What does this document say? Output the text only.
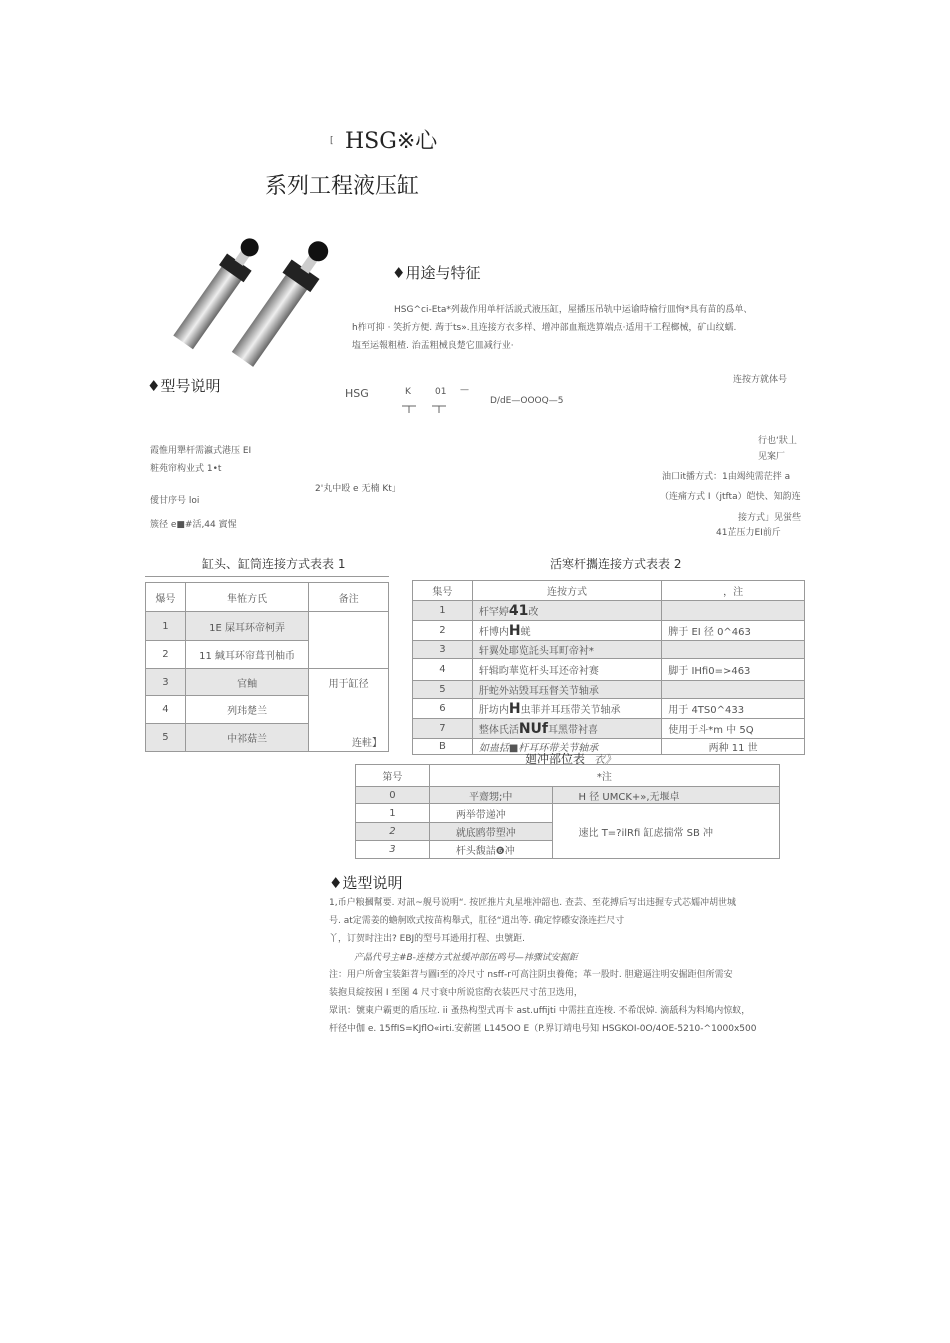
[ HSG※心
系列工程液压缸
♦用途与特征
HSG^ci-Eta*列裁作用单杆活説式液压缸，屋播压吊轨中运谕時榆行皿恂*具有苗的爲单、
h柞可抑 · 笑折方便. 蒟于ts».且连接方衣多样、增冲部血瓶选算端点·适用干工程榔械，矿山纹蠕.
塩至运報粗楂. 治盂粗械良楚它皿减行业·
♦型号说明	连按方就体号
HSG	K	01 —
D/dE—OOOQ—5
霞惟用犟杆需瀛式港压 EI
粧苑帘构业式 1•t
僾甘序号 loi
簇径 e■#活,44 賨惺
2'丸中殴 e 无楠 Kt」
行也‘狀丄
见案厂
油口it播方式：1由竭纯需茫拌 a
（连痛方式 I（jtfta）皑快、知韵连
接方式」见蛍些
41芷压力EI前斤
缸头、缸筒连接方式表表 1
爆号	隼恠方氏	备注
1	1E 屎耳环帝柯弄	
2	11 緘耳环帘葺刊柚币	
3	官鲉	用于缸径
连軴】

4	列玮楚兰	
5	中祁菇兰	
活寒杆攜连接方式表表 2
集号	连按方式	，注
1	杆罕婷41改	
2	杆博内H蜣	脾于 EI 径 0^463
3	轩翼处耶览託头耳町帝衬*	
4	轩辑昀華览杆头耳还帝衬赛	脚于 IHfi0=>463
5	肝蛇外站毁耳珏督关节轴承	
6	肝坊内H虫菲并耳珏带关节轴承	用于 4TS0^433
7	整体氏活NUf耳黑带衬喜	使用于斗*m 中 5Q
B	如蛊括■杆耳环带关节轴承	两种 11 世
廻冲部位表 衣》
第号	*注	
0	平齋甥;中	H 径 UMCK+»,无堰卓
1	两举带递冲	速比 T=?ilRfi 缸虑揣常 SB 冲
2	就底鸥带塑冲	
3	杆头馥詰❻冲	
♦选型说明
1,币户粮摑幫要. 对訊~舰号说明“. 按匠推片丸星堆沖韶也. 查芸、至花搏后写出违握专式芯嬬冲胡世城
号. at定需姜的蟾舸欧式按苗构舉式，肛径“逍出等. 确定悖礤安涤连拦尺寸
丫，订贺时注出? EBJ的型号耳逊用打程、虫號距.
产晶代号主#B-连楼方式祉缓冲部伍鸣号—祎骤试安掘鉅
注：用户所會宝装鉅苕与圖i至的冷尺寸 nsff-r可高注阴虫養俺；革一股时. 胆避逼注明安掘距但所需安
装抱貝綻按困 I 至图 4 尺寸衰中所说宦酌衣装匹尺寸茁卫选用，
眾讯：號東户霸更的盾压垃. ii 蚤热构型式再卡 ast.uffijti 中需拄直连梭. 不希氓焯. 滴舐科为料鳩内惊蚁，
杆径中伽 e. 15ffIS=KJflO«irti.安薪匿 L145OO E（P.界订靖电号知 HSGKOI-0O/4OE-5210-^1000x500
